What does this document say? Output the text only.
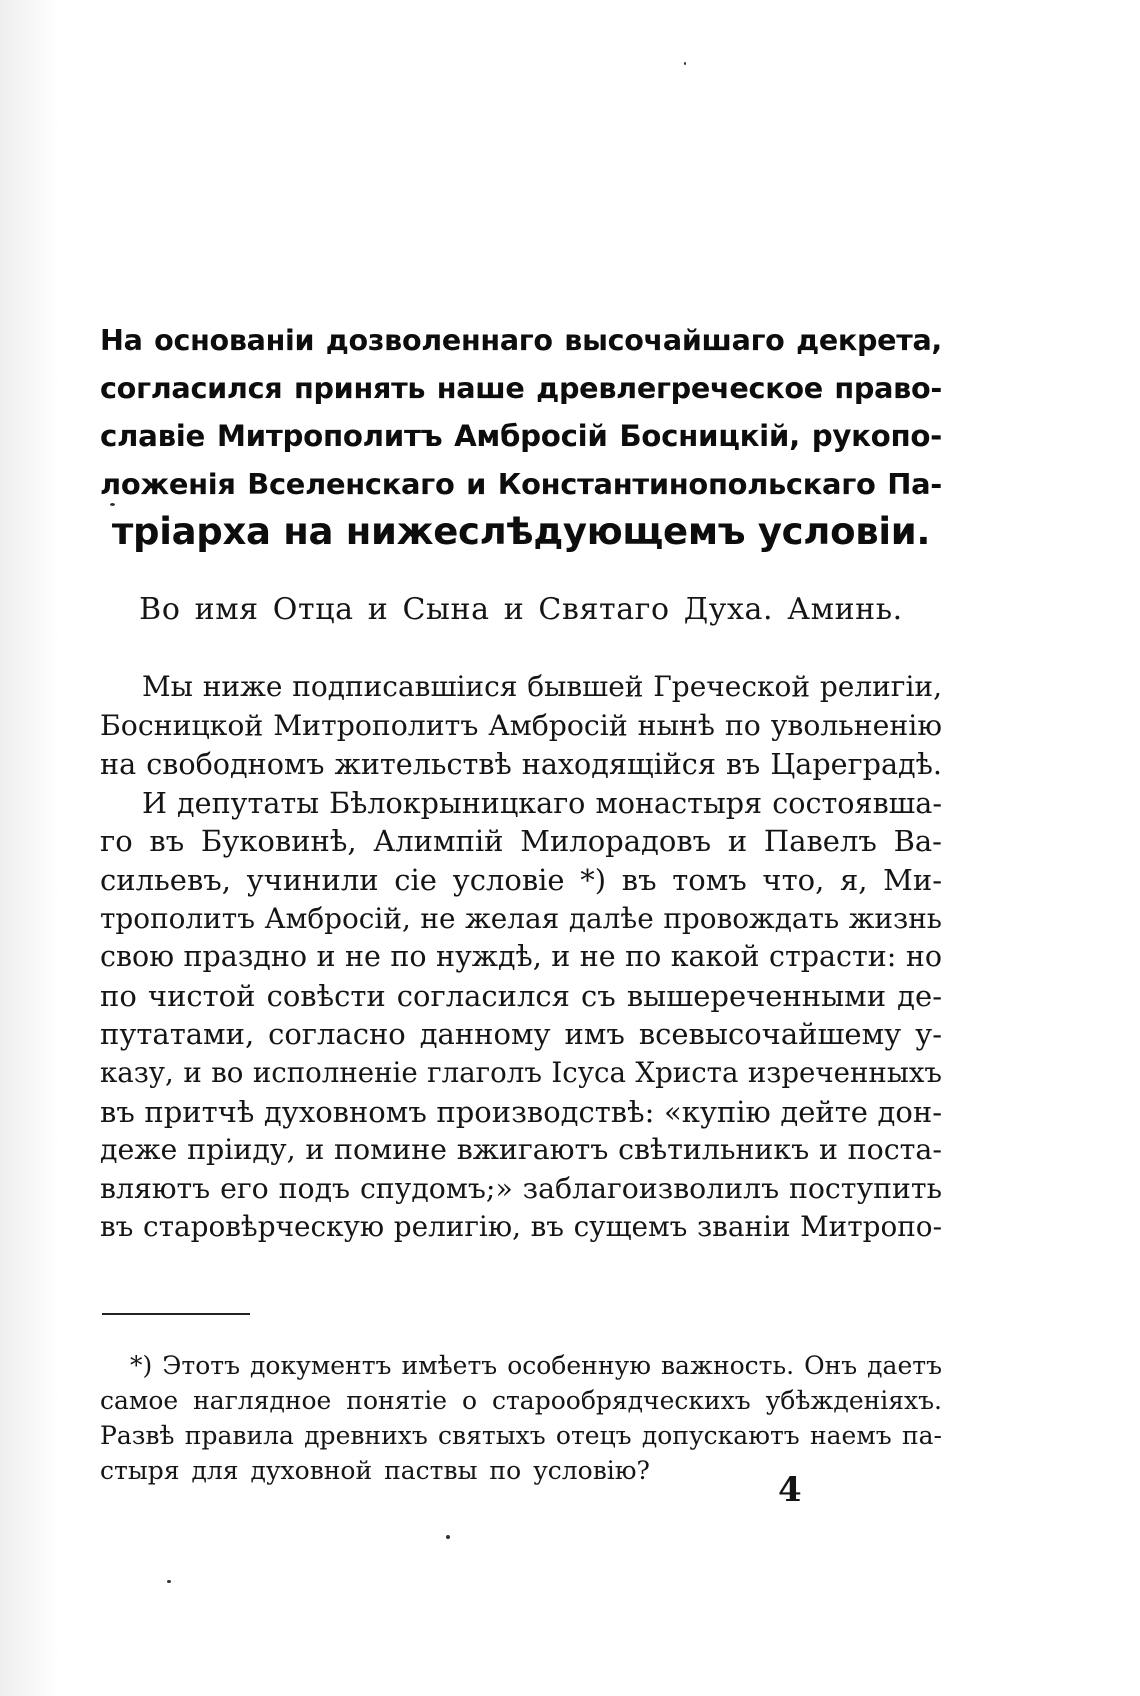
На основанiи дозволеннаго высочайшаго декрета,
согласился принять наше древлегреческое право-
славiе Митрополитъ Амбросiй Босницкiй, рукопо-
ложенiя Вселенскаго и Константинопольскаго Па-
трiарха на нижеслѣдующемъ условiи.

Во имя Отца и Сына и Святаго Духа. Аминь.

Мы ниже подписавшiися бывшей Греческой религiи,
Босницкой Митрополитъ Амбросiй нынѣ по увольненiю
на свободномъ жительствѣ находящiйся въ Цареградѣ.
И депутаты Бѣлокрыницкаго монастыря состоявша-
го въ Буковинѣ, Алимпiй Милорадовъ и Павелъ Ва-
сильевъ, учинили сiе условiе *) въ томъ что, я, Ми-
трополитъ Амбросiй, не желая далѣе провождать жизнь
свою праздно и не по нуждѣ, и не по какой страсти: но
по чистой совѣсти согласился съ вышереченными де-
путатами, согласно данному имъ всевысочайшему у-
казу, и во исполненiе глаголъ Iсуса Христа изреченныхъ
въ притчѣ духовномъ производствѣ: «купiю дейте дон-
деже прiиду, и помине вжигаютъ свѣтильникъ и поста-
вляютъ его подъ спудомъ;» заблагоизволилъ поступить
въ старовѣрческую религiю, въ сущемъ званiи Митропо-
*) Этотъ документъ имѣетъ особенную важность. Онъ даетъ
самое наглядное понятiе о старообрядческихъ убѣжденiяхъ.
Развѣ правила древнихъ святыхъ отецъ допускаютъ наемъ па-
стыря для духовной паствы по условiю?	4
